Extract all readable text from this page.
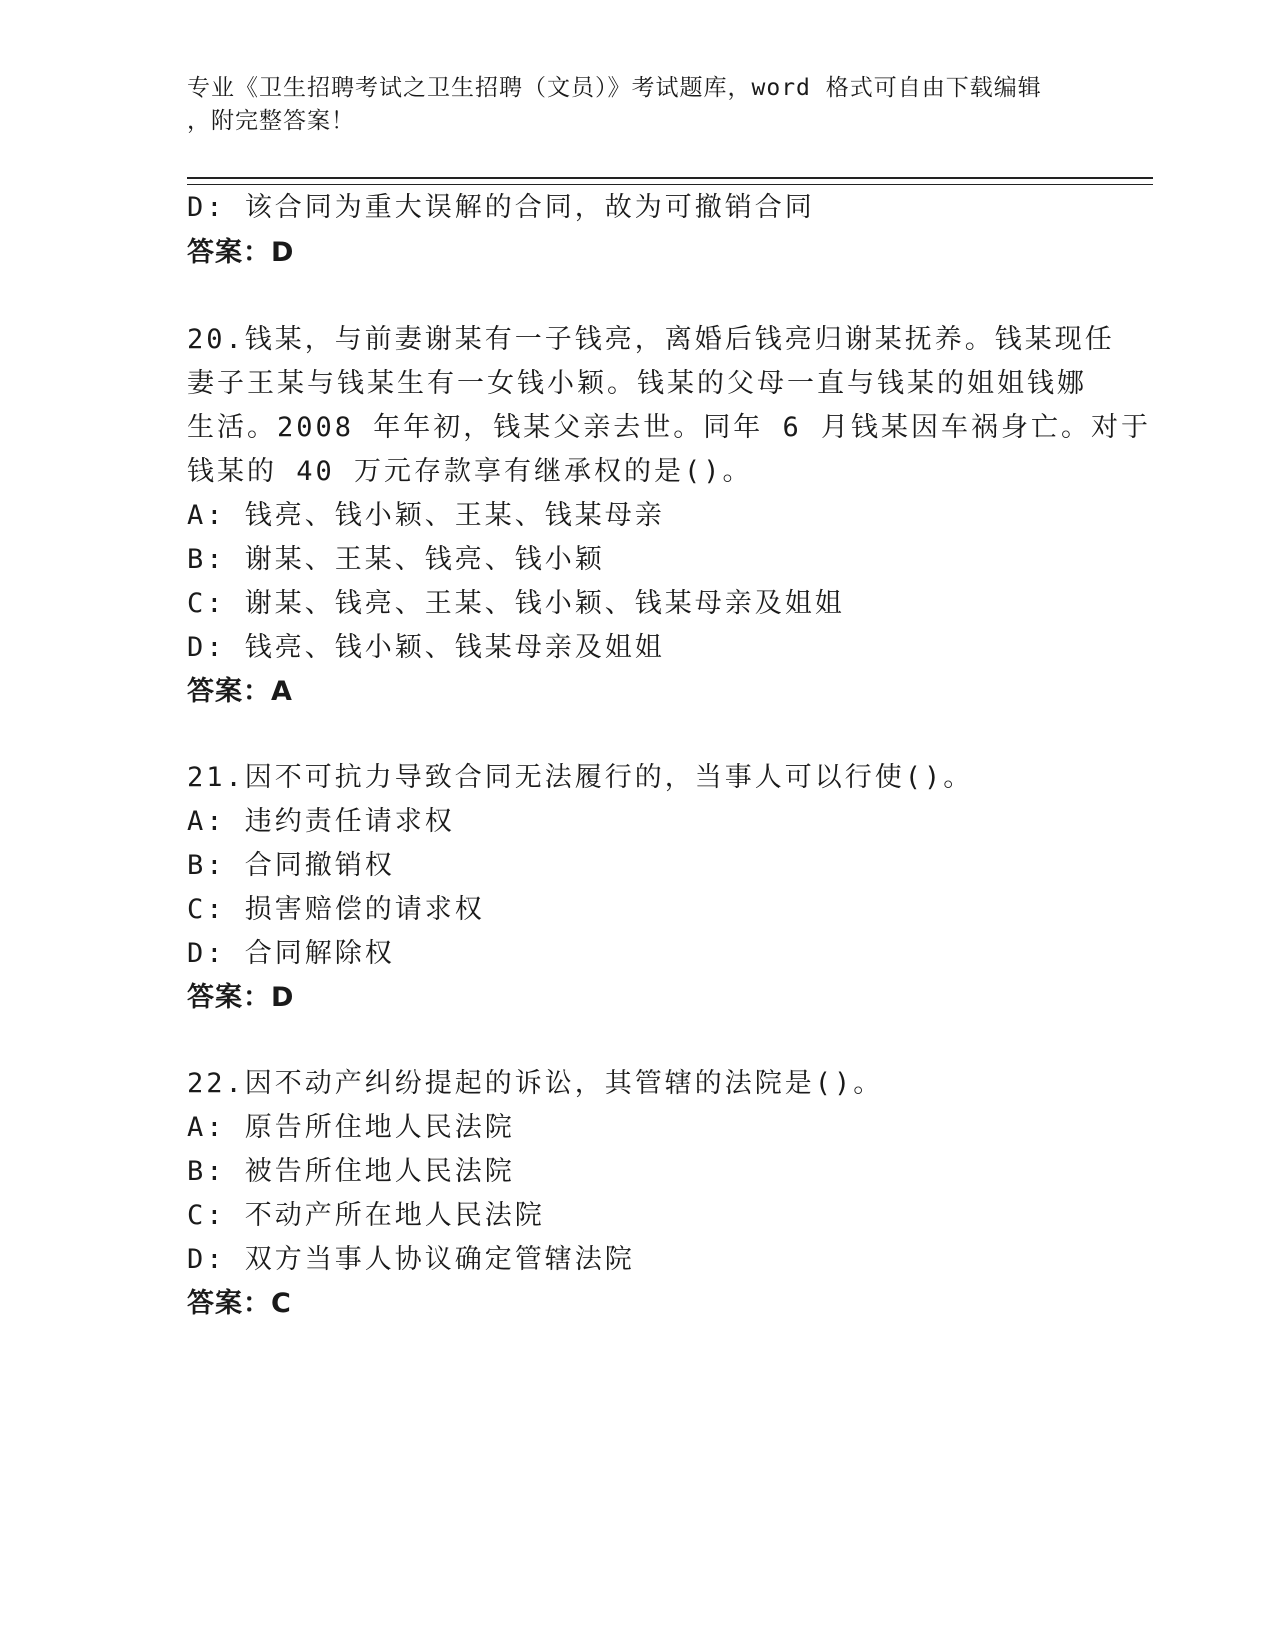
专业《卫生招聘考试之卫生招聘（文员）》考试题库，word 格式可自由下载编辑
，附完整答案！
D: 该合同为重大误解的合同，故为可撤销合同
答案：D
20.钱某，与前妻谢某有一子钱亮，离婚后钱亮归谢某抚养。钱某现任
妻子王某与钱某生有一女钱小颖。钱某的父母一直与钱某的姐姐钱娜
生活。2008 年年初，钱某父亲去世。同年 6 月钱某因车祸身亡。对于
钱某的 40 万元存款享有继承权的是()。
A: 钱亮、钱小颖、王某、钱某母亲
B: 谢某、王某、钱亮、钱小颖
C: 谢某、钱亮、王某、钱小颖、钱某母亲及姐姐
D: 钱亮、钱小颖、钱某母亲及姐姐
答案：A
21.因不可抗力导致合同无法履行的，当事人可以行使()。
A: 违约责任请求权
B: 合同撤销权
C: 损害赔偿的请求权
D: 合同解除权
答案：D
22.因不动产纠纷提起的诉讼，其管辖的法院是()。
A: 原告所住地人民法院
B: 被告所住地人民法院
C: 不动产所在地人民法院
D: 双方当事人协议确定管辖法院
答案：C
